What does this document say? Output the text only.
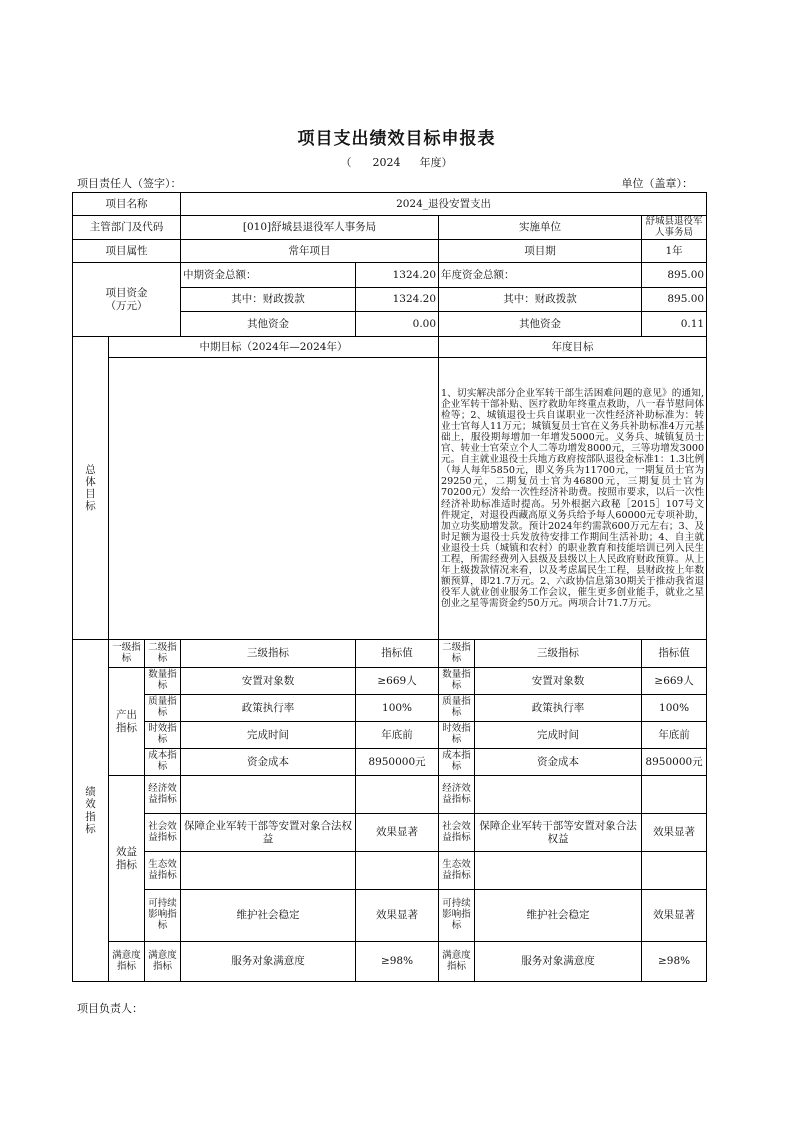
项目支出绩效目标申报表
（ 2024 年度）
项目责任人（签字）：	单位（盖章）：
项目名称			2024_退役安置支出				
主管部门及代码			[010]舒城县退役军人事务局		实施单位		舒城县退役军人事务局
项目属性			常年项目		项目期		1年

项目资金
（万元）			中期资金总额：	1324.20	年度资金总额：		895.00
			其中：财政拨款	1324.20	其中：财政拨款		895.00
			其他资金	0.00	其他资金		0.11

总
体
目
标	中期目标（2024年—2024年）				年度目标		
					1、切实解决部分企业军转干部生活困难问题的意见》的通知,企业军转干部补贴、医疗救助年终重点救助，八一春节慰问体检等；2、城镇退役士兵自谋职业一次性经济补助标准为：转业士官每人11万元；城镇复员士官在义务兵补助标准4万元基础上，服役期每增加一年增发5000元。义务兵、城镇复员士官、转业士官荣立个人二等功增发8000元，三等功增发3000元。自主就业退役士兵地方政府按部队退役金标准1：1.3比例（每人每年5850元，即义务兵为11700元，一期复员士官为29250元，二期复员士官为46800元，三期复员士官为70200元）发给一次性经济补助费。按照市要求，以后一次性经济补助标准适时提高。另外根据六政秘［2015］107号文件规定，对退役西藏高原义务兵给予每人60000元专项补助，加立功奖励增发款。预计2024年约需款600万元左右；3、及时足额为退役士兵发放待安排工作期间生活补助；4、自主就业退役士兵（城镇和农村）的职业教育和技能培训已列入民生工程，所需经费列入县级及县级以上人民政府财政预算。从上年上级拨款情况来看，以及考虑属民生工程，县财政按上年数额预算，即21.7万元。2、六政协信息第30期关于推动我省退役军人就业创业服务工作会议，催生更多创业能手，就业之星创业之星等需资金约50万元。两项合计71.7万元。		

绩
效
指
标	一级指标	二级指标	三级指标	指标值	二级指标	三级指标	指标值
	产出指标	数量指标	安置对象数	≥669人	数量指标	安置对象数	≥669人
		质量指标	政策执行率	100%	质量指标	政策执行率	100%
		时效指标	完成时间	年底前	时效指标	完成时间	年底前
		成本指标	资金成本	8950000元	成本指标	资金成本	8950000元
	效益指标	经济效益指标			经济效益指标		
		社会效益指标	保障企业军转干部等安置对象合法权益	效果显著	社会效益指标	保障企业军转干部等安置对象合法权益	效果显著
		生态效益指标			生态效益指标		
		可持续影响指标	维护社会稳定	效果显著	可持续影响指标	维护社会稳定	效果显著
	满意度指标	满意度指标	服务对象满意度	≥98%	满意度指标	服务对象满意度	≥98%
项目负责人：
